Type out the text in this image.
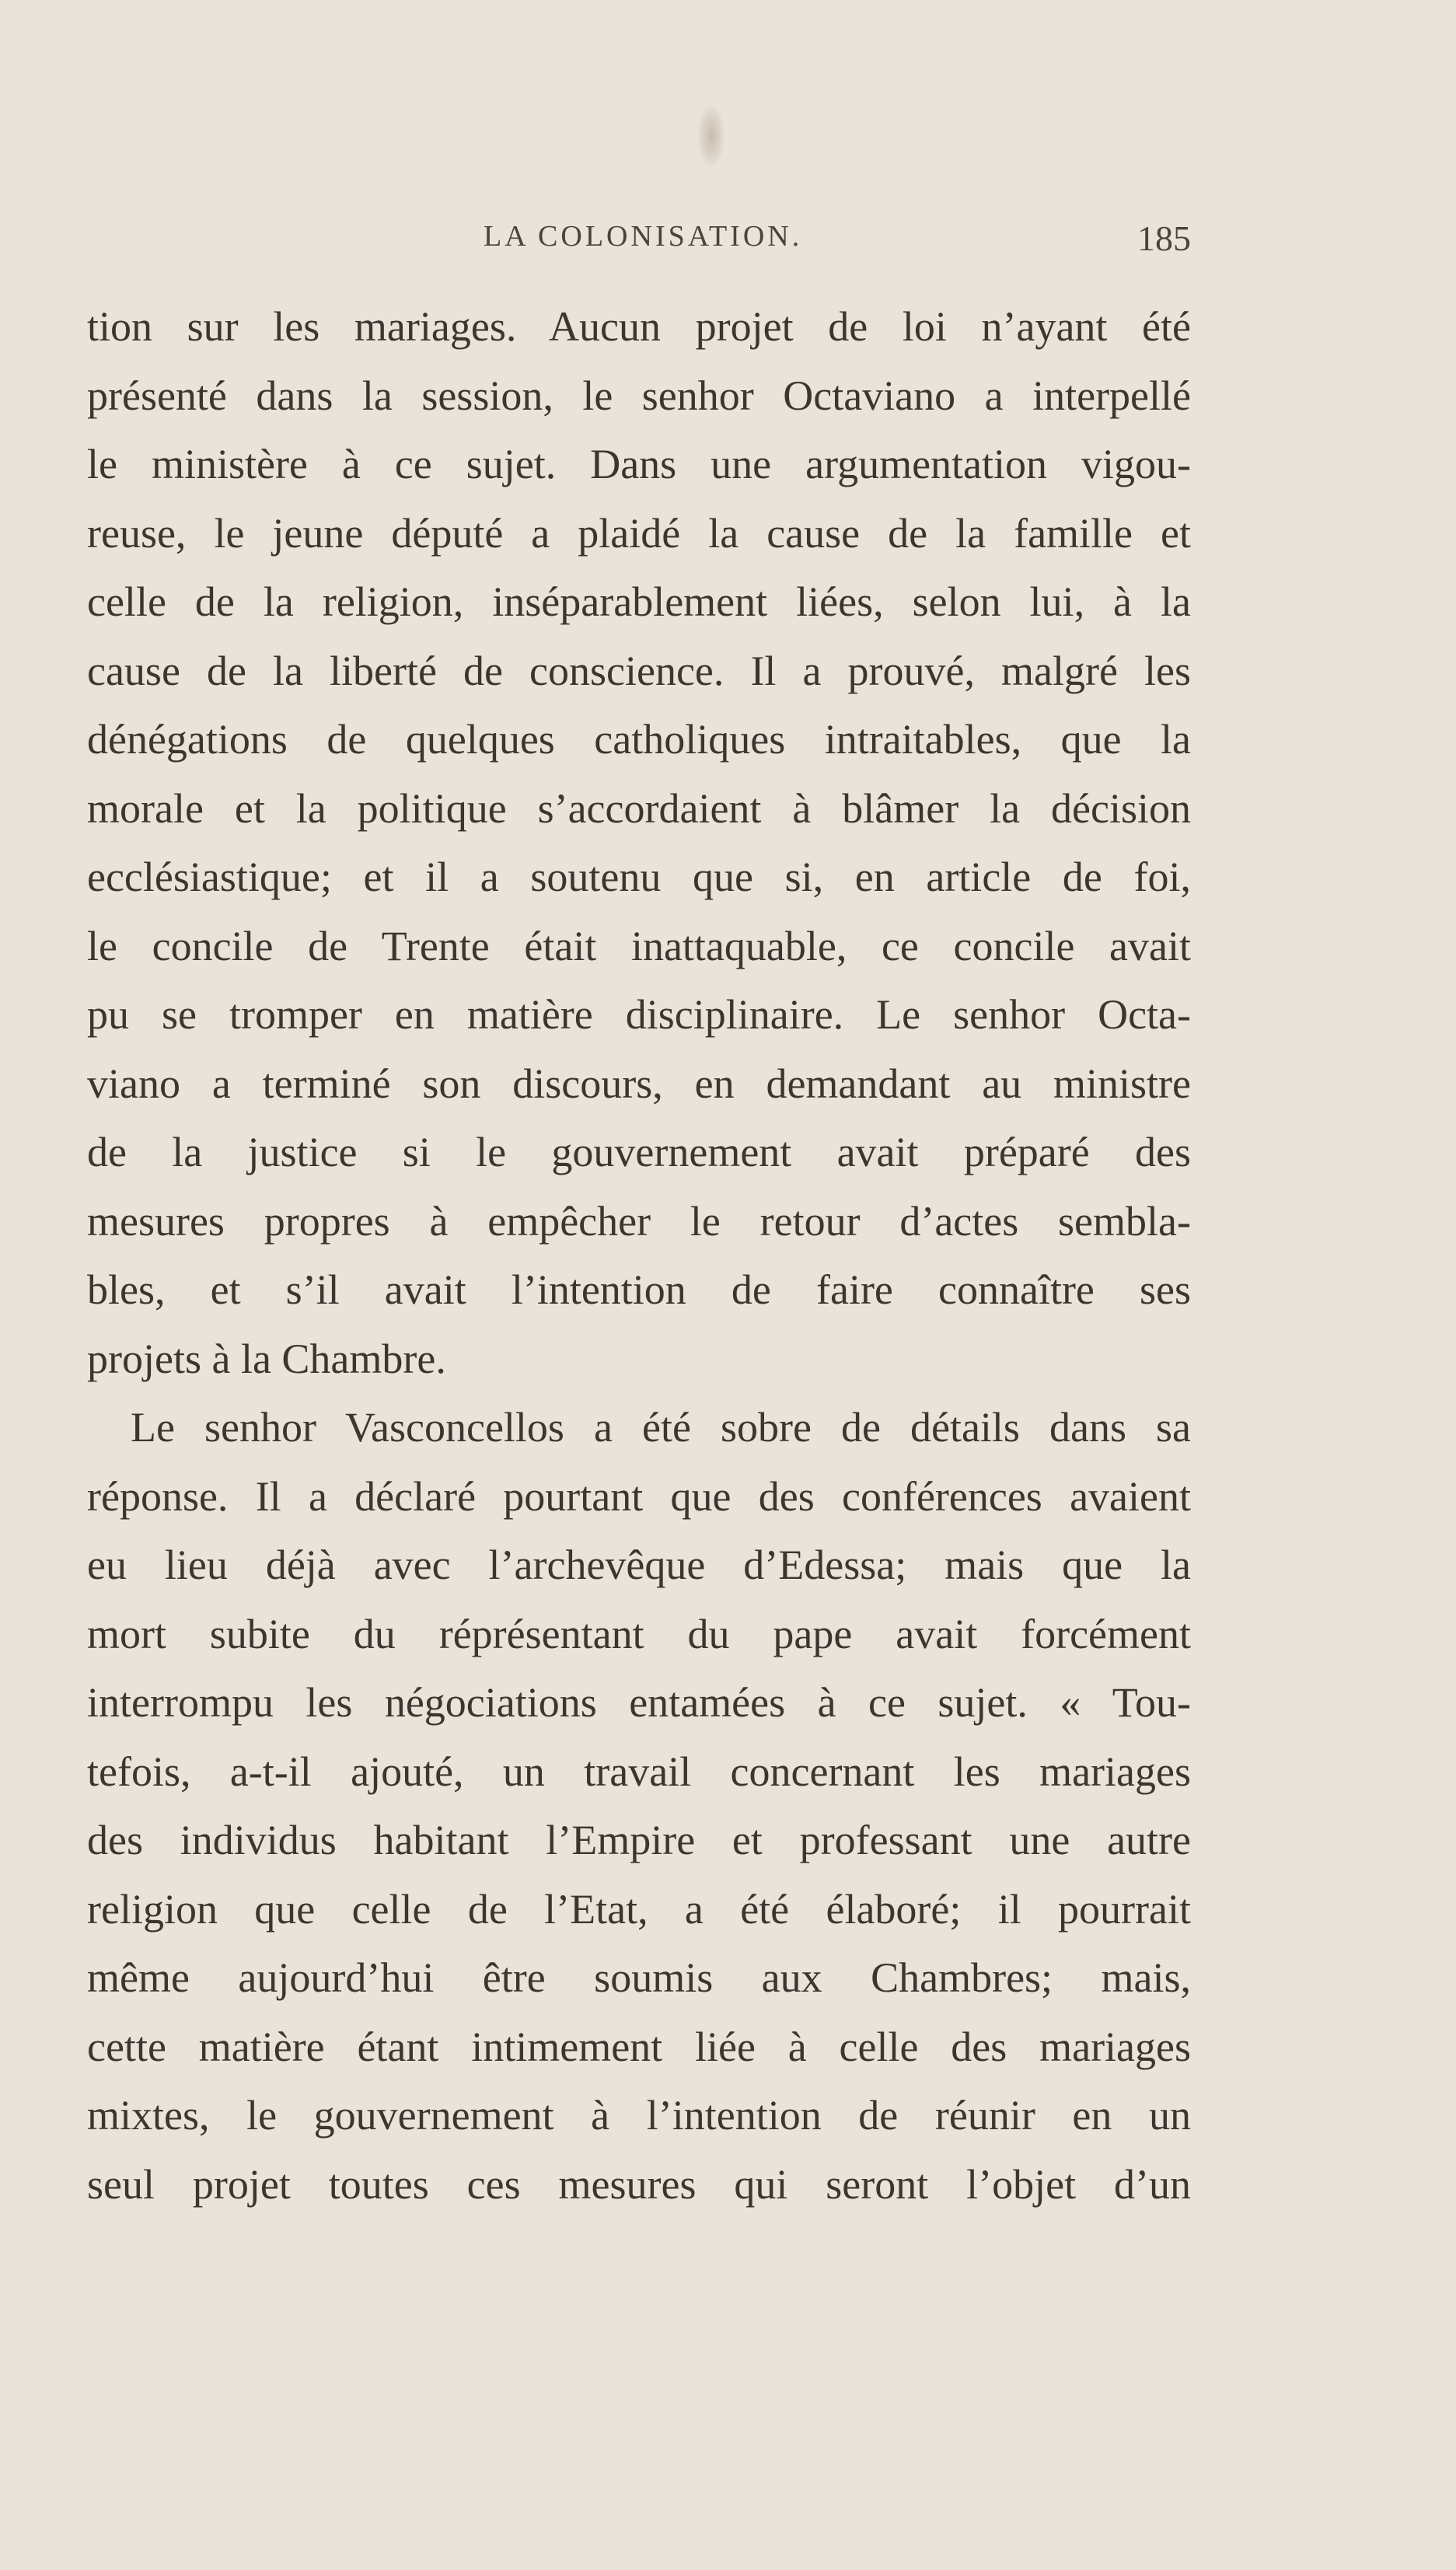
LA COLONISATION.	185
tion sur les mariages. Aucun projet de loi n’ayant été
présenté dans la session, le senhor Octaviano a interpellé
le ministère à ce sujet. Dans une argumentation vigou-
reuse, le jeune député a plaidé la cause de la famille et
celle de la religion, inséparablement liées, selon lui, à la
cause de la liberté de conscience. Il a prouvé, malgré les
dénégations de quelques catholiques intraitables, que la
morale et la politique s’accordaient à blâmer la décision
ecclésiastique; et il a soutenu que si, en article de foi,
le concile de Trente était inattaquable, ce concile avait
pu se tromper en matière disciplinaire. Le senhor Octa-
viano a terminé son discours, en demandant au ministre
de la justice si le gouvernement avait préparé des
mesures propres à empêcher le retour d’actes sembla-
bles, et s’il avait l’intention de faire connaître ses
projets à la Chambre.
Le senhor Vasconcellos a été sobre de détails dans sa
réponse. Il a déclaré pourtant que des conférences avaient
eu lieu déjà avec l’archevêque d’Edessa; mais que la
mort subite du réprésentant du pape avait forcément
interrompu les négociations entamées à ce sujet. « Tou-
tefois, a-t-il ajouté, un travail concernant les mariages
des individus habitant l’Empire et professant une autre
religion que celle de l’Etat, a été élaboré; il pourrait
même aujourd’hui être soumis aux Chambres; mais,
cette matière étant intimement liée à celle des mariages
mixtes, le gouvernement à l’intention de réunir en un
seul projet toutes ces mesures qui seront l’objet d’un
